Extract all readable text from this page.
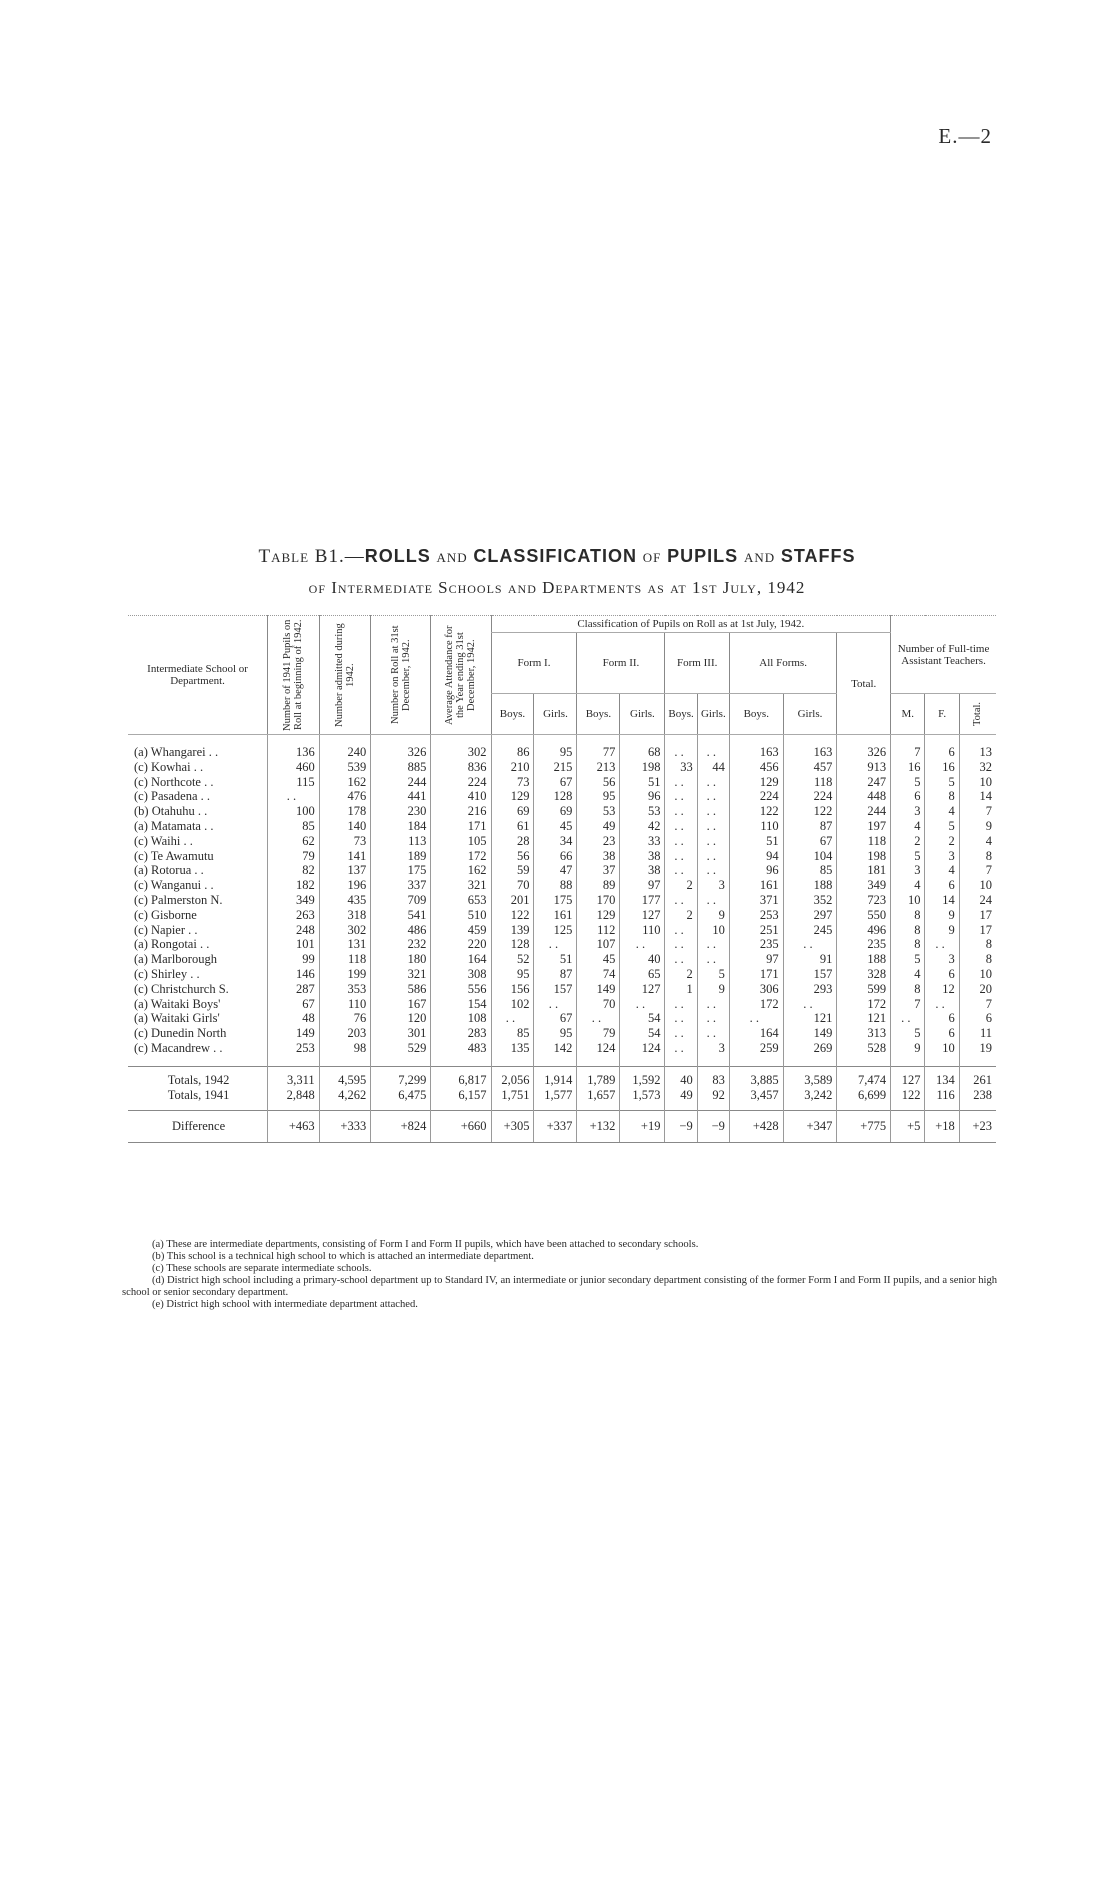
E.—2
Table B1.—ROLLS and CLASSIFICATION of PUPILS and STAFFS
of Intermediate Schools and Departments as at 1st July, 1942
Intermediate School or Department.	Number of 1941 Pupils on Roll at beginning of 1942.	Number admitted during 1942.	Number on Roll at 31st December, 1942.	Average Attendance for the Year ending 31st December, 1942.	Classification of Pupils on Roll as at 1st July, 1942.									Number of Full-time Assistant Teachers.		
					Form I.		Form II.		Form III.		All Forms.		Total.			
					Boys.	Girls.	Boys.	Girls.	Boys.	Girls.	Boys.	Girls.		M.	F.	Total.

(a) Whangarei . .	136	240	326	302	86	95	77	68	. .	. .	163	163	326	7	6	13
(c) Kowhai . .	460	539	885	836	210	215	213	198	33	44	456	457	913	16	16	32
(c) Northcote . .	115	162	244	224	73	67	56	51	. .	. .	129	118	247	5	5	10
(c) Pasadena . .	. .	476	441	410	129	128	95	96	. .	. .	224	224	448	6	8	14
(b) Otahuhu . .	100	178	230	216	69	69	53	53	. .	. .	122	122	244	3	4	7
(a) Matamata . .	85	140	184	171	61	45	49	42	. .	. .	110	87	197	4	5	9
(c) Waihi . .	62	73	113	105	28	34	23	33	. .	. .	51	67	118	2	2	4
(c) Te Awamutu	79	141	189	172	56	66	38	38	. .	. .	94	104	198	5	3	8
(a) Rotorua . .	82	137	175	162	59	47	37	38	. .	. .	96	85	181	3	4	7
(c) Wanganui . .	182	196	337	321	70	88	89	97	2	3	161	188	349	4	6	10
(c) Palmerston N.	349	435	709	653	201	175	170	177	. .	. .	371	352	723	10	14	24
(c) Gisborne	263	318	541	510	122	161	129	127	2	9	253	297	550	8	9	17
(c) Napier . .	248	302	486	459	139	125	112	110	. .	10	251	245	496	8	9	17
(a) Rongotai . .	101	131	232	220	128	. .	107	. .	. .	. .	235	. .	235	8	. .	8
(a) Marlborough	99	118	180	164	52	51	45	40	. .	. .	97	91	188	5	3	8
(c) Shirley . .	146	199	321	308	95	87	74	65	2	5	171	157	328	4	6	10
(c) Christchurch S.	287	353	586	556	156	157	149	127	1	9	306	293	599	8	12	20
(a) Waitaki Boys'	67	110	167	154	102	. .	70	. .	. .	. .	172	. .	172	7	. .	7
(a) Waitaki Girls'	48	76	120	108	. .	67	. .	54	. .	. .	. .	121	121	. .	6	6
(c) Dunedin North	149	203	301	283	85	95	79	54	. .	. .	164	149	313	5	6	11
(c) Macandrew . .	253	98	529	483	135	142	124	124	. .	3	259	269	528	9	10	19

Totals, 1942	3,311	4,595	7,299	6,817	2,056	1,914	1,789	1,592	40	83	3,885	3,589	7,474	127	134	261
Totals, 1941	2,848	4,262	6,475	6,157	1,751	1,577	1,657	1,573	49	92	3,457	3,242	6,699	122	116	238
Difference	+463	+333	+824	+660	+305	+337	+132	+19	−9	−9	+428	+347	+775	+5	+18	+23
(a) These are intermediate departments, consisting of Form I and Form II pupils, which have been attached to secondary schools.
(b) This school is a technical high school to which is attached an intermediate department.
(c) These schools are separate intermediate schools.
(d) District high school including a primary-school department up to Standard IV, an intermediate or junior secondary department consisting of the former Form I and Form II pupils, and a senior high school or senior secondary department.
(e) District high school with intermediate department attached.
